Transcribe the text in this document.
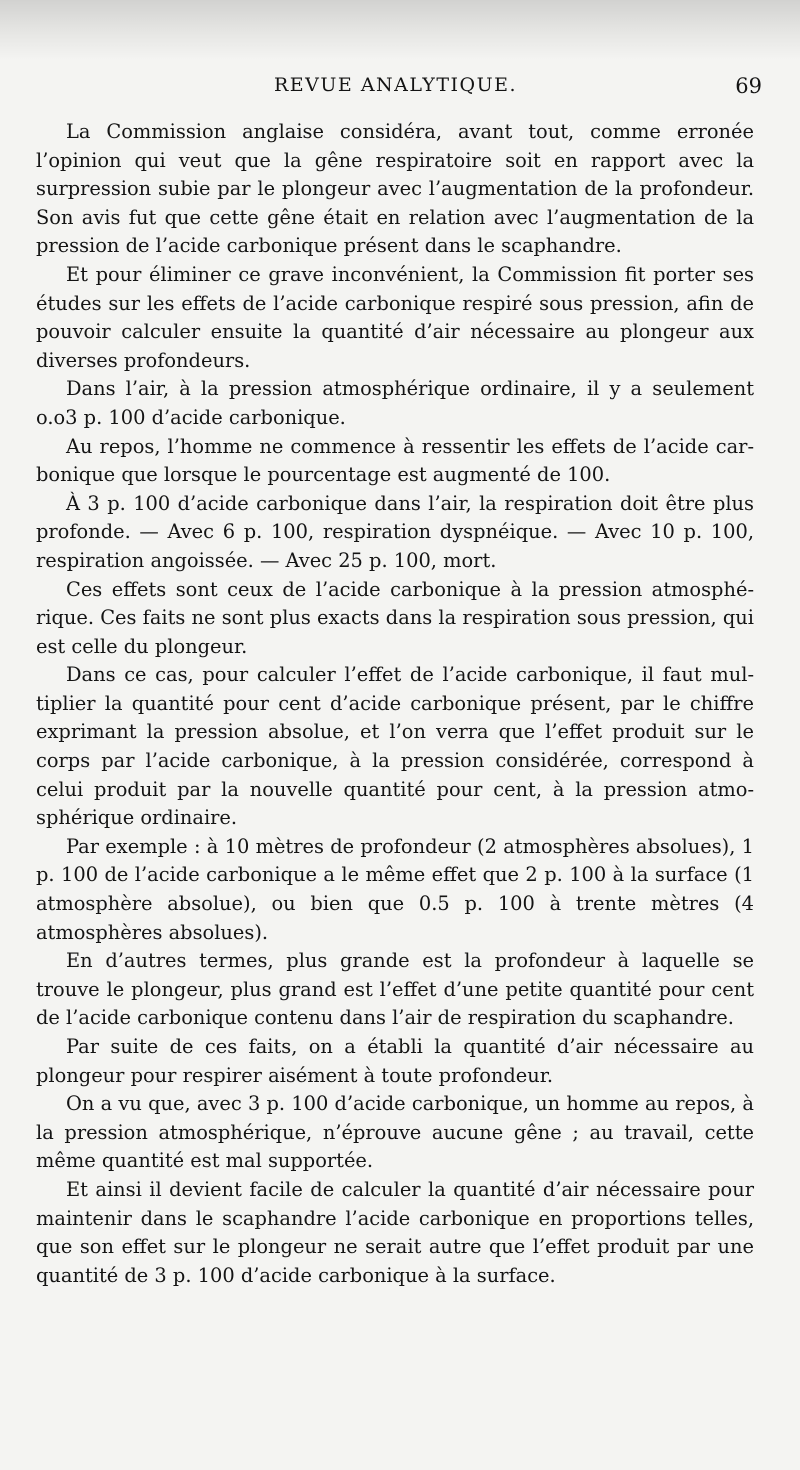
REVUE ANALYTIQUE.	69

La Commission anglaise considéra, avant tout, comme erronée l’opinion qui veut que la gêne respiratoire soit en rapport avec la surpression subie par le plongeur avec l’augmentation de la profondeur. Son avis fut que cette gêne était en relation avec l’augmentation de la pression de l’acide carbonique présent dans le scaphandre.

Et pour éliminer ce grave inconvénient, la Commission fit porter ses études sur les effets de l’acide carbonique respiré sous pression, afin de pouvoir calculer ensuite la quantité d’air nécessaire au plongeur aux diverses profondeurs.

Dans l’air, à la pression atmosphérique ordinaire, il y a seulement o.o3 p. 100 d’acide carbonique.

Au repos, l’homme ne commence à ressentir les effets de l’acide carbonique que lorsque le pourcentage est augmenté de 100.

À 3 p. 100 d’acide carbonique dans l’air, la respiration doit être plus profonde. — Avec 6 p. 100, respiration dyspnéique. — Avec 10 p. 100, respiration angoissée. — Avec 25 p. 100, mort.

Ces effets sont ceux de l’acide carbonique à la pression atmosphérique. Ces faits ne sont plus exacts dans la respiration sous pression, qui est celle du plongeur.

Dans ce cas, pour calculer l’effet de l’acide carbonique, il faut multiplier la quantité pour cent d’acide carbonique présent, par le chiffre exprimant la pression absolue, et l’on verra que l’effet produit sur le corps par l’acide carbonique, à la pression considérée, correspond à celui produit par la nouvelle quantité pour cent, à la pression atmosphérique ordinaire.

Par exemple : à 10 mètres de profondeur (2 atmosphères absolues), 1 p. 100 de l’acide carbonique a le même effet que 2 p. 100 à la surface (1 atmosphère absolue), ou bien que 0.5 p. 100 à trente mètres (4 atmosphères absolues).

En d’autres termes, plus grande est la profondeur à laquelle se trouve le plongeur, plus grand est l’effet d’une petite quantité pour cent de l’acide carbonique contenu dans l’air de respiration du scaphandre.

Par suite de ces faits, on a établi la quantité d’air nécessaire au plongeur pour respirer aisément à toute profondeur.

On a vu que, avec 3 p. 100 d’acide carbonique, un homme au repos, à la pression atmosphérique, n’éprouve aucune gêne ; au travail, cette même quantité est mal supportée.

Et ainsi il devient facile de calculer la quantité d’air nécessaire pour maintenir dans le scaphandre l’acide carbonique en proportions telles, que son effet sur le plongeur ne serait autre que l’effet produit par une quantité de 3 p. 100 d’acide carbonique à la surface.
